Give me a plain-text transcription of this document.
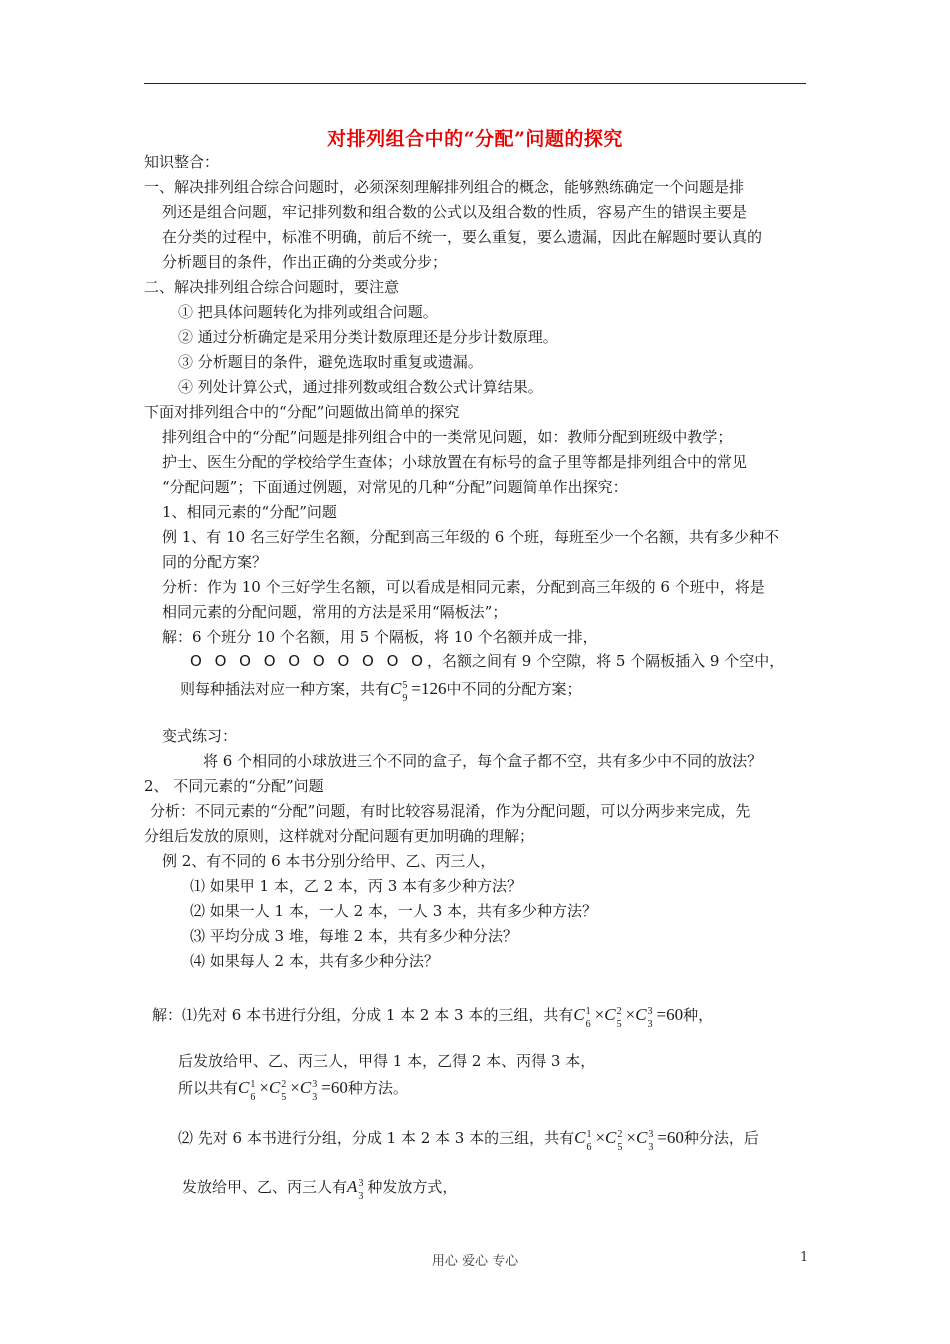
对排列组合中的“分配”问题的探究
知识整合：
一、解决排列组合综合问题时，必须深刻理解排列组合的概念，能够熟练确定一个问题是排
列还是组合问题，牢记排列数和组合数的公式以及组合数的性质，容易产生的错误主要是
在分类的过程中，标准不明确，前后不统一，要么重复，要么遗漏，因此在解题时要认真的
分析题目的条件，作出正确的分类或分步；
二、解决排列组合综合问题时，要注意
① 把具体问题转化为排列或组合问题。
② 通过分析确定是采用分类计数原理还是分步计数原理。
③ 分析题目的条件，避免选取时重复或遗漏。
④ 列处计算公式，通过排列数或组合数公式计算结果。
下面对排列组合中的“分配”问题做出简单的探究
排列组合中的“分配”问题是排列组合中的一类常见问题，如：教师分配到班级中教学；
护士、医生分配的学校给学生查体；小球放置在有标号的盒子里等都是排列组合中的常见
“分配问题”；下面通过例题，对常见的几种“分配”问题简单作出探究：
1、相同元素的“分配”问题
例 1、有 10 名三好学生名额，分配到高三年级的 6 个班，每班至少一个名额，共有多少种不
同的分配方案？
分析：作为 10 个三好学生名额，可以看成是相同元素，分配到高三年级的 6 个班中，将是
相同元素的分配问题，常用的方法是采用“隔板法”；
解：6 个班分 10 个名额，用 5 个隔板，将 10 个名额并成一排，
O O O O O O O O O O，名额之间有 9 个空隙，将 5 个隔板插入 9 个空中，
则每种插法对应一种方案，共有C 5
9
=126中不同的分配方案；
变式练习：
将 6 个相同的小球放进三个不同的盒子，每个盒子都不空，共有多少中不同的放法？
2、 不同元素的“分配”问题
分析：不同元素的“分配”问题，有时比较容易混淆，作为分配问题，可以分两步来完成，先
分组后发放的原则，这样就对分配问题有更加明确的理解；
例 2、有不同的 6 本书分别分给甲、乙、丙三人，
⑴ 如果甲 1 本，乙 2 本，丙 3 本有多少种方法？
⑵ 如果一人 1 本，一人 2 本，一人 3 本，共有多少种方法？
⑶ 平均分成 3 堆，每堆 2 本，共有多少种分法？
⑷ 如果每人 2 本，共有多少种分法？
解：⑴先对 6 本书进行分组，分成 1 本 2 本 3 本的三组，共有C 1
6
×C 2
5
×C 3
3
=60种，
后发放给甲、乙、丙三人，甲得 1 本，乙得 2 本、丙得 3 本，
所以共有C 1
6
×C 2
5
×C 3
3
=60种方法。
⑵ 先对 6 本书进行分组，分成 1 本 2 本 3 本的三组，共有C 1
6
×C 2
5
×C 3
3
=60种分法，后
发放给甲、乙、丙三人有A 3
3
种发放方式，
用心 爱心 专心	1
